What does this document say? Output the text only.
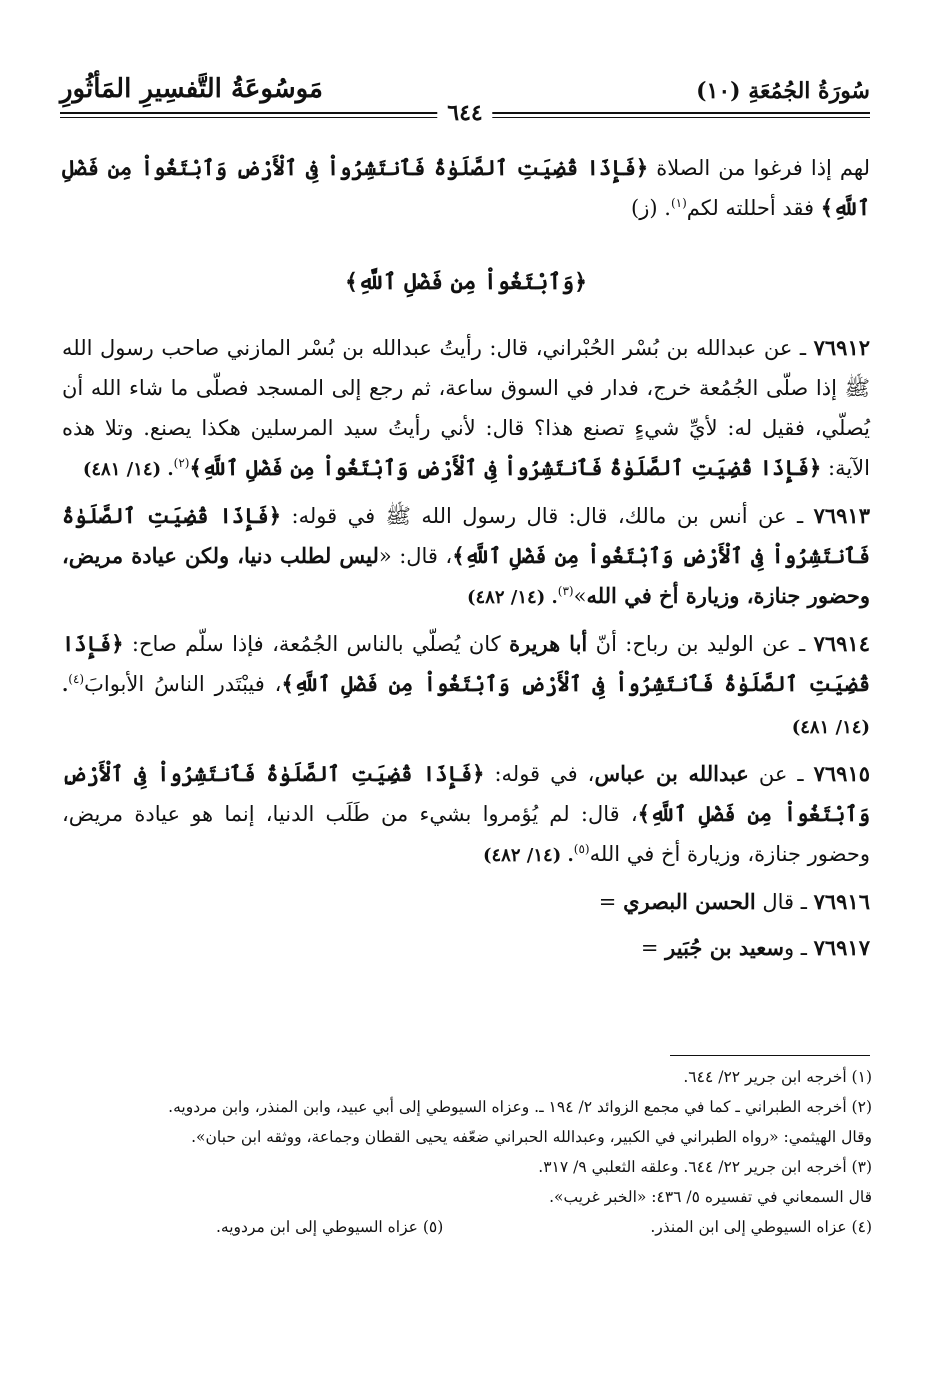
سُورَةُ الجُمُعَةِ (١٠)
مَوسُوعَةُ التَّفسِيرِ المَأثُورِ
٦٤٤

لهم إذا فرغوا من الصلاة ﴿فَإِذَا قُضِيَتِ ٱلصَّلَوٰةُ فَٱنتَشِرُواْ فِى ٱلْأَرْضِ وَٱبْتَغُواْ مِن فَضْلِ ٱللَّهِ﴾ فقد أحللته لكم$^{(١)}$. (ز)

﴿وَٱبْتَغُواْ مِن فَضْلِ ٱللَّهِ﴾

٧٦٩١٢ ـ عن عبدالله بن بُسْر الحُبْراني، قال: رأيتُ عبدالله بن بُسْر المازني صاحب رسول الله ﷺ إذا صلّى الجُمُعة خرج، فدار في السوق ساعة، ثم رجع إلى المسجد فصلّى ما شاء الله أن يُصلّي، فقيل له: لأيِّ شيءٍ تصنع هذا؟ قال: لأني رأيتُ سيد المرسلين هكذا يصنع. وتلا هذه الآية: ﴿فَإِذَا قُضِيَتِ ٱلصَّلَوٰةُ فَٱنتَشِرُواْ فِى ٱلْأَرْضِ وَٱبْتَغُواْ مِن فَضْلِ ٱللَّهِ﴾$^{(٢)}$. (١٤/ ٤٨١)

٧٦٩١٣ ـ عن أنس بن مالك، قال: قال رسول الله ﷺ في قوله: ﴿فَإِذَا قُضِيَتِ ٱلصَّلَوٰةُ فَٱنتَشِرُواْ فِى ٱلْأَرْضِ وَٱبْتَغُواْ مِن فَضْلِ ٱللَّهِ﴾، قال: «ليس لطلب دنيا، ولكن عيادة مريض، وحضور جنازة، وزيارة أخ في الله»$^{(٣)}$. (١٤/ ٤٨٢)

٧٦٩١٤ ـ عن الوليد بن رباح: أنّ أبا هريرة كان يُصلّي بالناس الجُمُعة، فإذا سلّم صاح: ﴿فَإِذَا قُضِيَتِ ٱلصَّلَوٰةُ فَٱنتَشِرُواْ فِى ٱلْأَرْضِ وَٱبْتَغُواْ مِن فَضْلِ ٱللَّهِ﴾، فيبْتَدر الناسُ الأبوابَ$^{(٤)}$. (١٤/ ٤٨١)

٧٦٩١٥ ـ عن عبدالله بن عباس، في قوله: ﴿فَإِذَا قُضِيَتِ ٱلصَّلَوٰةُ فَٱنتَشِرُواْ فِى ٱلْأَرْضِ وَٱبْتَغُواْ مِن فَضْلِ ٱللَّهِ﴾، قال: لم يُؤمروا بشيء من طَلَب الدنيا، إنما هو عيادة مريض، وحضور جنازة، وزيارة أخ في الله$^{(٥)}$. (١٤/ ٤٨٢)

٧٦٩١٦ ـ قال الحسن البصري =

٧٦٩١٧ ـ وسعيد بن جُبَير =

(١) أخرجه ابن جرير ٢٢/ ٦٤٤.

(٢) أخرجه الطبراني ـ كما في مجمع الزوائد ٢/ ١٩٤ ـ. وعزاه السيوطي إلى أبي عبيد، وابن المنذر، وابن مردويه.

وقال الهيثمي: «رواه الطبراني في الكبير، وعبدالله الحبراني ضعّفه يحيى القطان وجماعة، ووثقه ابن حبان».

(٣) أخرجه ابن جرير ٢٢/ ٦٤٤. وعلقه الثعلبي ٩/ ٣١٧.

قال السمعاني في تفسيره ٥/ ٤٣٦: «الخبر غريب».

(٤) عزاه السيوطي إلى ابن المنذر.
(٥) عزاه السيوطي إلى ابن مردويه.
